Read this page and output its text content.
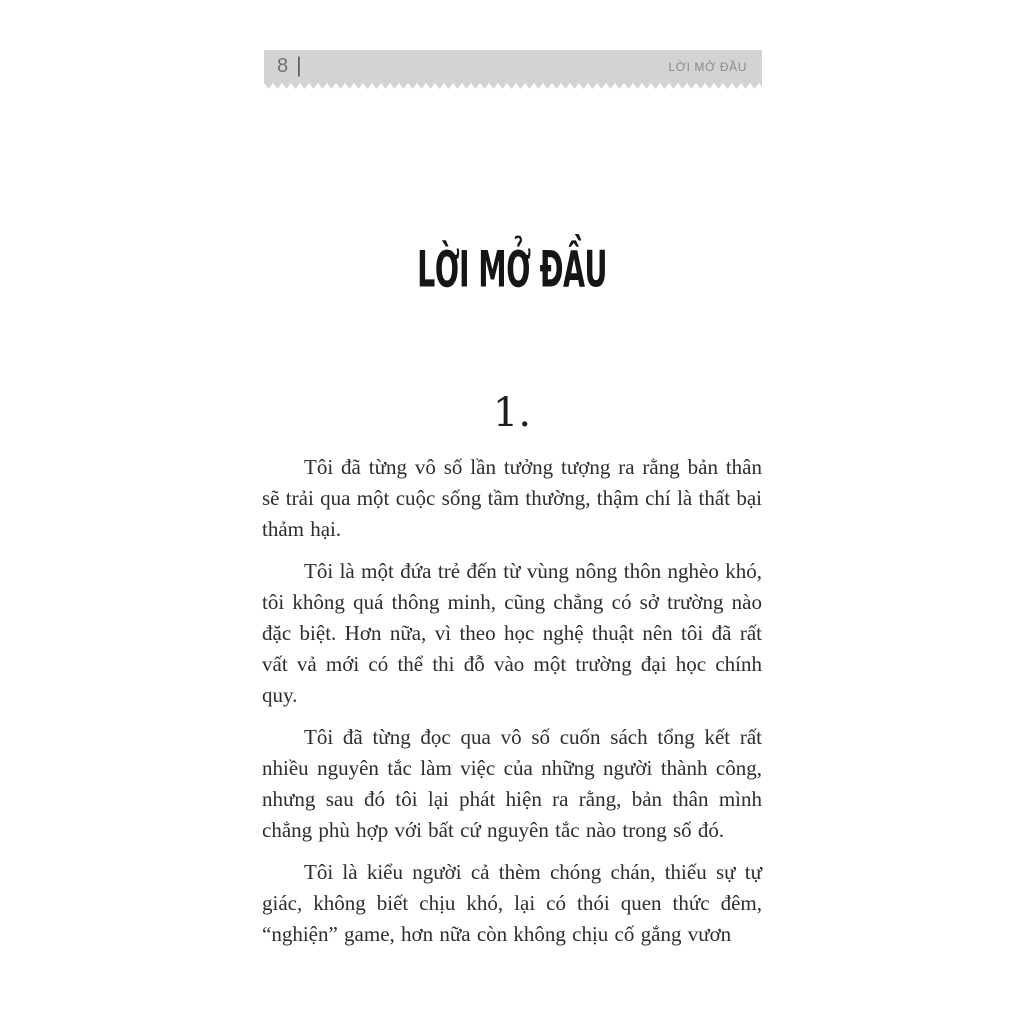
8 |	LỜI MỞ ĐẦU
LỜI MỞ ĐẦU
1.

Tôi đã từng vô số lần tưởng tượng ra rằng bản thân sẽ trải qua một cuộc sống tầm thường, thậm chí là thất bại thảm hại.

Tôi là một đứa trẻ đến từ vùng nông thôn nghèo khó, tôi không quá thông minh, cũng chẳng có sở trường nào đặc biệt. Hơn nữa, vì theo học nghệ thuật nên tôi đã rất vất vả mới có thể thi đỗ vào một trường đại học chính quy.

Tôi đã từng đọc qua vô số cuốn sách tổng kết rất nhiều nguyên tắc làm việc của những người thành công, nhưng sau đó tôi lại phát hiện ra rằng, bản thân mình chẳng phù hợp với bất cứ nguyên tắc nào trong số đó.

Tôi là kiểu người cả thèm chóng chán, thiếu sự tự giác, không biết chịu khó, lại có thói quen thức đêm, “nghiện” game, hơn nữa còn không chịu cố gắng vươn
